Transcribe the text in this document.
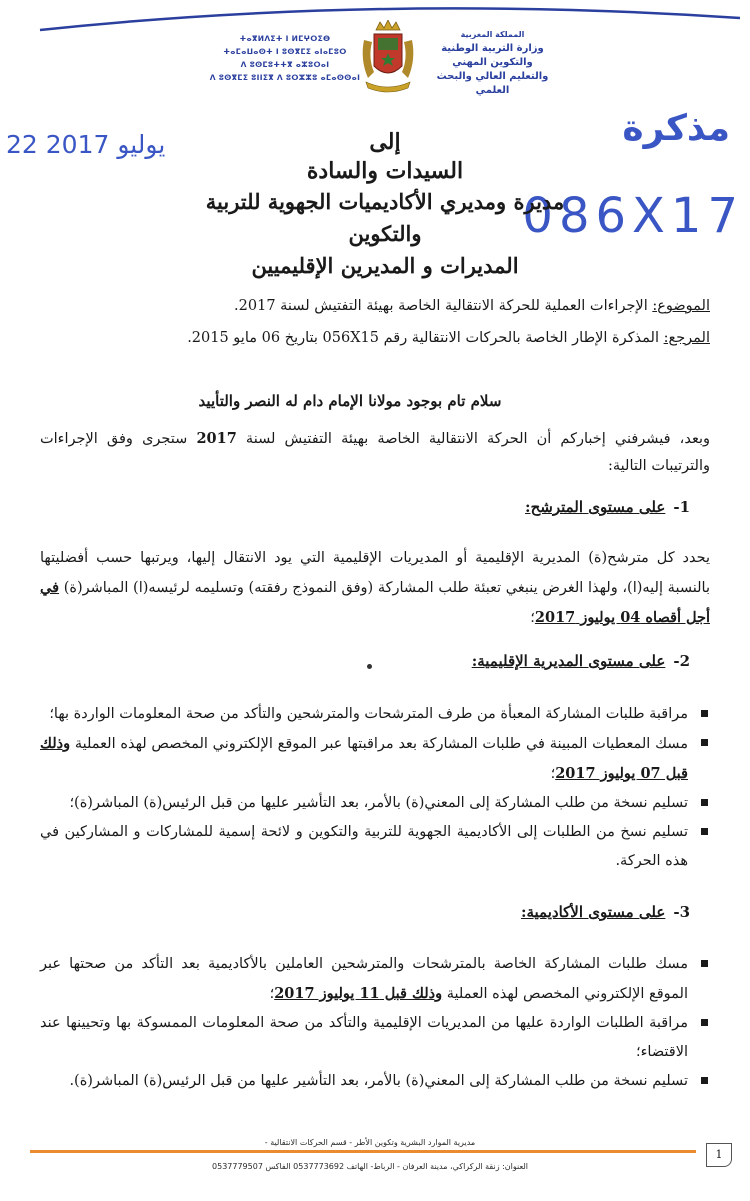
ⵜⴰⴳⵍⴷⵉⵜ ⵏ ⵍⵎⵖⵔⵉⴱ
ⵜⴰⵎⴰⵡⴰⵙⵜ ⵏ ⵓⵙⴳⵎⵉ ⴰⵏⴰⵎⵓⵔ
ⴷ ⵓⵙⵎⵓⵜⵜⴳ ⴰⵣⵓⵔⴰⵏ
ⴷ ⵓⵙⴳⵎⵉ ⵓⵏⵏⵉⴳ ⴷ ⵓⵔⵣⵣⵓ ⴰⵎⴰⵙⵙⴰⵏ
المملكة المغربية
وزارة التربية الوطنية
والتكوين المهني
والتعليم العالي والبحث العلمي
22 يوليو 2017	مذكرة
086X17
إلى
السيدات والسادة
مديرة ومديري الأكاديميات الجهوية للتربية والتكوين
المديرات و المديرين الإقليميين
الموضوع: الإجراءات العملية للحركة الانتقالية الخاصة بهيئة التفتيش لسنة 2017.
المرجع: المذكرة الإطار الخاصة بالحركات الانتقالية رقم 056X15 بتاريخ 06 مايو 2015.
سلام تام بوجود مولانا الإمام دام له النصر والتأييد
وبعد، فيشرفني إخباركم أن الحركة الانتقالية الخاصة بهيئة التفتيش لسنة 2017 ستجرى وفق الإجراءات والترتيبات التالية:
1-على مستوى المترشح:
يحدد كل مترشح(ة) المديرية الإقليمية أو المديريات الإقليمية التي يود الانتقال إليها، ويرتبها حسب أفضليتها بالنسبة إليه(ا)، ولهذا الغرض ينبغي تعبئة طلب المشاركة (وفق النموذج رفقته) وتسليمه لرئيسه(ا) المباشر(ة) في أجل أقصاه 04 يوليوز 2017؛
2-على مستوى المديرية الإقليمية:
مراقبة طلبات المشاركة المعبأة من طرف المترشحات والمترشحين والتأكد من صحة المعلومات الواردة بها؛
مسك المعطيات المبينة في طلبات المشاركة بعد مراقبتها عبر الموقع الإلكتروني المخصص لهذه العملية وذلك قبل 07 يوليوز 2017؛
تسليم نسخة من طلب المشاركة إلى المعني(ة) بالأمر، بعد التأشير عليها من قبل الرئيس(ة) المباشر(ة)؛
تسليم نسخ من الطلبات إلى الأكاديمية الجهوية للتربية والتكوين و لائحة إسمية للمشاركات و المشاركين في هذه الحركة.
3-على مستوى الأكاديمية:
مسك طلبات المشاركة الخاصة بالمترشحات والمترشحين العاملين بالأكاديمية بعد التأكد من صحتها عبر الموقع الإلكتروني المخصص لهذه العملية وذلك قبل 11 يوليوز 2017؛
مراقبة الطلبات الواردة عليها من المديريات الإقليمية والتأكد من صحة المعلومات الممسوكة بها وتحيينها عند الاقتضاء؛
تسليم نسخة من طلب المشاركة إلى المعني(ة) بالأمر، بعد التأشير عليها من قبل الرئيس(ة) المباشر(ة).
مديرية الموارد البشرية وتكوين الأطر - قسم الحركات الانتقالية -
العنوان: زنقة الركراكي، مدينة العرفان - الرباط- الهاتف 0537773692 الفاكس 0537779507
1
